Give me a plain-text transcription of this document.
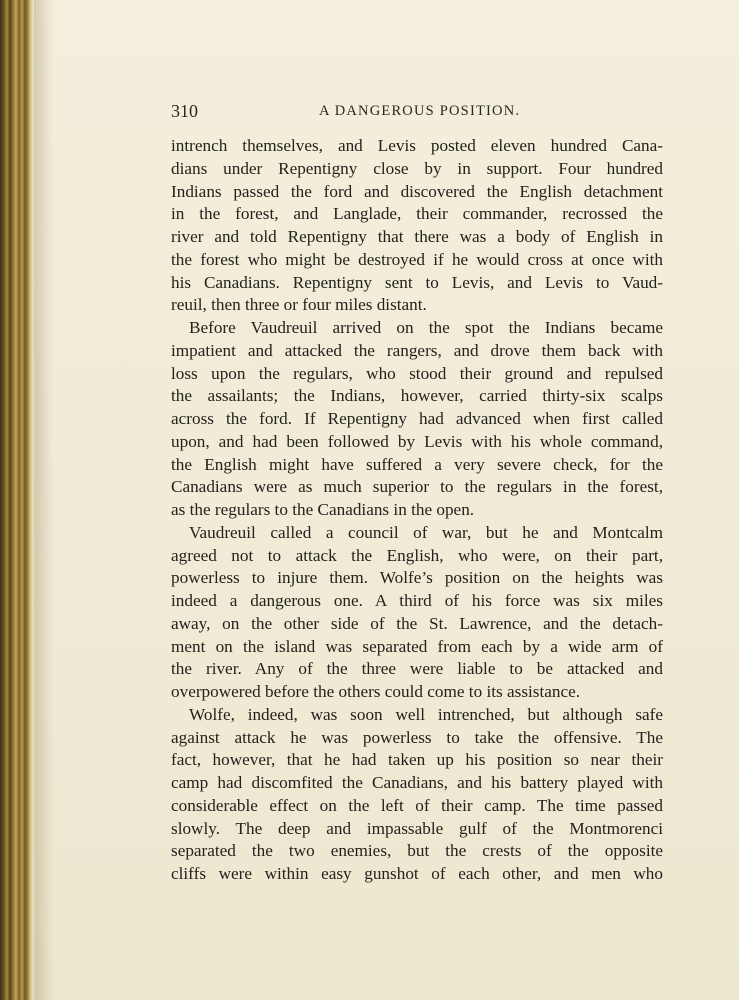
310	A DANGEROUS POSITION.
intrench themselves, and Levis posted eleven hundred Cana-
dians under Repentigny close by in support. Four hundred
Indians passed the ford and discovered the English detachment
in the forest, and Langlade, their commander, recrossed the
river and told Repentigny that there was a body of English in
the forest who might be destroyed if he would cross at once with
his Canadians. Repentigny sent to Levis, and Levis to Vaud-
reuil, then three or four miles distant.
Before Vaudreuil arrived on the spot the Indians became
impatient and attacked the rangers, and drove them back with
loss upon the regulars, who stood their ground and repulsed
the assailants; the Indians, however, carried thirty-six scalps
across the ford. If Repentigny had advanced when first called
upon, and had been followed by Levis with his whole command,
the English might have suffered a very severe check, for the
Canadians were as much superior to the regulars in the forest,
as the regulars to the Canadians in the open.
Vaudreuil called a council of war, but he and Montcalm
agreed not to attack the English, who were, on their part,
powerless to injure them. Wolfe’s position on the heights was
indeed a dangerous one. A third of his force was six miles
away, on the other side of the St. Lawrence, and the detach-
ment on the island was separated from each by a wide arm of
the river. Any of the three were liable to be attacked and
overpowered before the others could come to its assistance.
Wolfe, indeed, was soon well intrenched, but although safe
against attack he was powerless to take the offensive. The
fact, however, that he had taken up his position so near their
camp had discomfited the Canadians, and his battery played with
considerable effect on the left of their camp. The time passed
slowly. The deep and impassable gulf of the Montmorenci
separated the two enemies, but the crests of the opposite
cliffs were within easy gunshot of each other, and men who
